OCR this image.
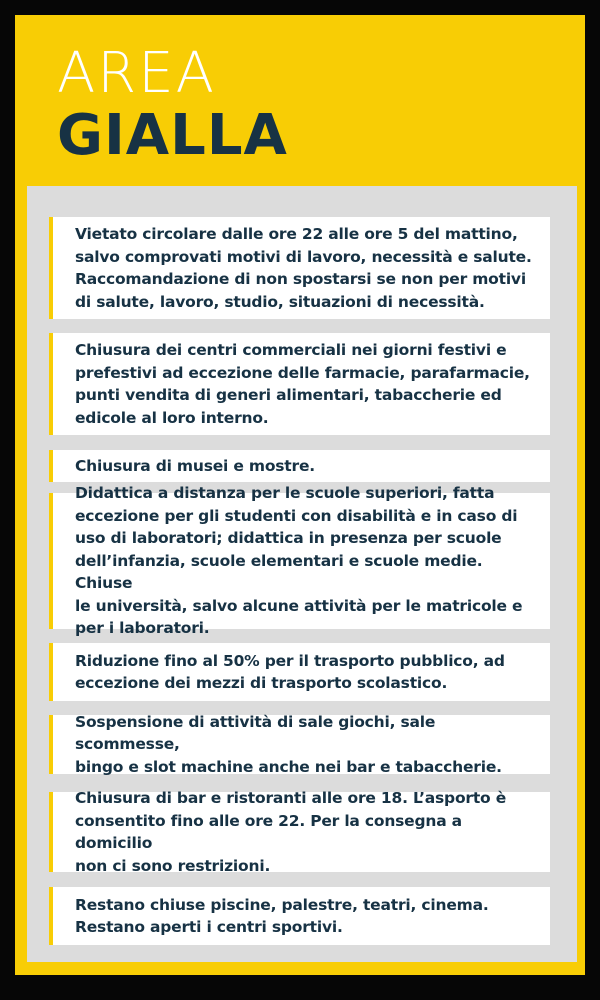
AREA
GIALLA
Vietato circolare dalle ore 22 alle ore 5 del mattino,
salvo comprovati motivi di lavoro, necessità e salute.
Raccomandazione di non spostarsi se non per motivi
di salute, lavoro, studio, situazioni di necessità.
Chiusura dei centri commerciali nei giorni festivi e
prefestivi ad eccezione delle farmacie, parafarmacie,
punti vendita di generi alimentari, tabaccherie ed
edicole al loro interno.
Chiusura di musei e mostre.
Didattica a distanza per le scuole superiori, fatta
eccezione per gli studenti con disabilità e in caso di
uso di laboratori; didattica in presenza per scuole
dell’infanzia, scuole elementari e scuole medie. Chiuse
le università, salvo alcune attività per le matricole e
per i laboratori.
Riduzione fino al 50% per il trasporto pubblico, ad
eccezione dei mezzi di trasporto scolastico.
Sospensione di attività di sale giochi, sale scommesse,
bingo e slot machine anche nei bar e tabaccherie.
Chiusura di bar e ristoranti alle ore 18. L’asporto è
consentito fino alle ore 22. Per la consegna a domicilio
non ci sono restrizioni.
Restano chiuse piscine, palestre, teatri, cinema.
Restano aperti i centri sportivi.
